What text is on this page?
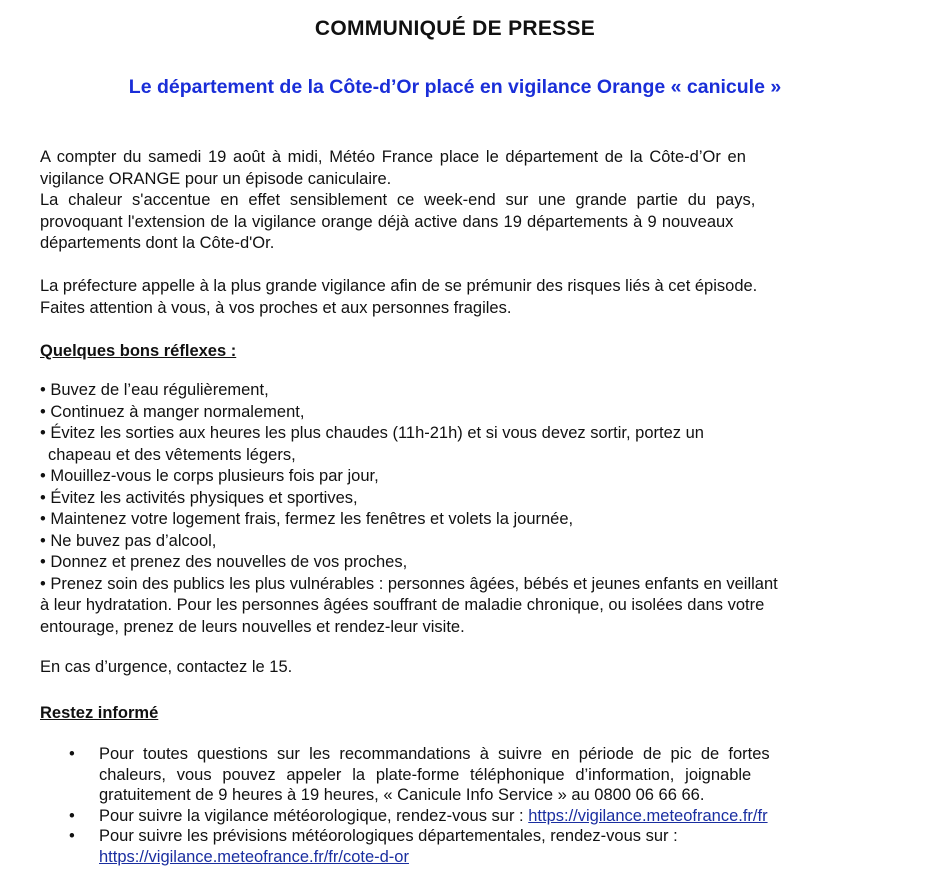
COMMUNIQUÉ DE PRESSE
Le département de la Côte-d’Or placé en vigilance Orange « canicule »
A compter du samedi 19 août à midi, Météo France place le département de la Côte-d’Or en
vigilance ORANGE pour un épisode caniculaire.
La chaleur s'accentue en effet sensiblement ce week-end sur une grande partie du pays,
provoquant l'extension de la vigilance orange déjà active dans 19 départements à 9 nouveaux
départements dont la Côte-d'Or.
La préfecture appelle à la plus grande vigilance afin de se prémunir des risques liés à cet épisode.
Faites attention à vous, à vos proches et aux personnes fragiles.
Quelques bons réflexes :
• Buvez de l’eau régulièrement,
• Continuez à manger normalement,
• Évitez les sorties aux heures les plus chaudes (11h-21h) et si vous devez sortir, portez un
chapeau et des vêtements légers,
• Mouillez-vous le corps plusieurs fois par jour,
• Évitez les activités physiques et sportives,
• Maintenez votre logement frais, fermez les fenêtres et volets la journée,
• Ne buvez pas d’alcool,
• Donnez et prenez des nouvelles de vos proches,
• Prenez soin des publics les plus vulnérables : personnes âgées, bébés et jeunes enfants en veillant
à leur hydratation. Pour les personnes âgées souffrant de maladie chronique, ou isolées dans votre
entourage, prenez de leurs nouvelles et rendez-leur visite.
En cas d’urgence, contactez le 15.
Restez informé
• Pour toutes questions sur les recommandations à suivre en période de pic de fortes
chaleurs, vous pouvez appeler la plate-forme téléphonique d’information, joignable
gratuitement de 9 heures à 19 heures, « Canicule Info Service » au 0800 06 66 66.
• Pour suivre la vigilance météorologique, rendez-vous sur : https://vigilance.meteofrance.fr/fr
• Pour suivre les prévisions météorologiques départementales, rendez-vous sur :
https://vigilance.meteofrance.fr/fr/cote-d-or
